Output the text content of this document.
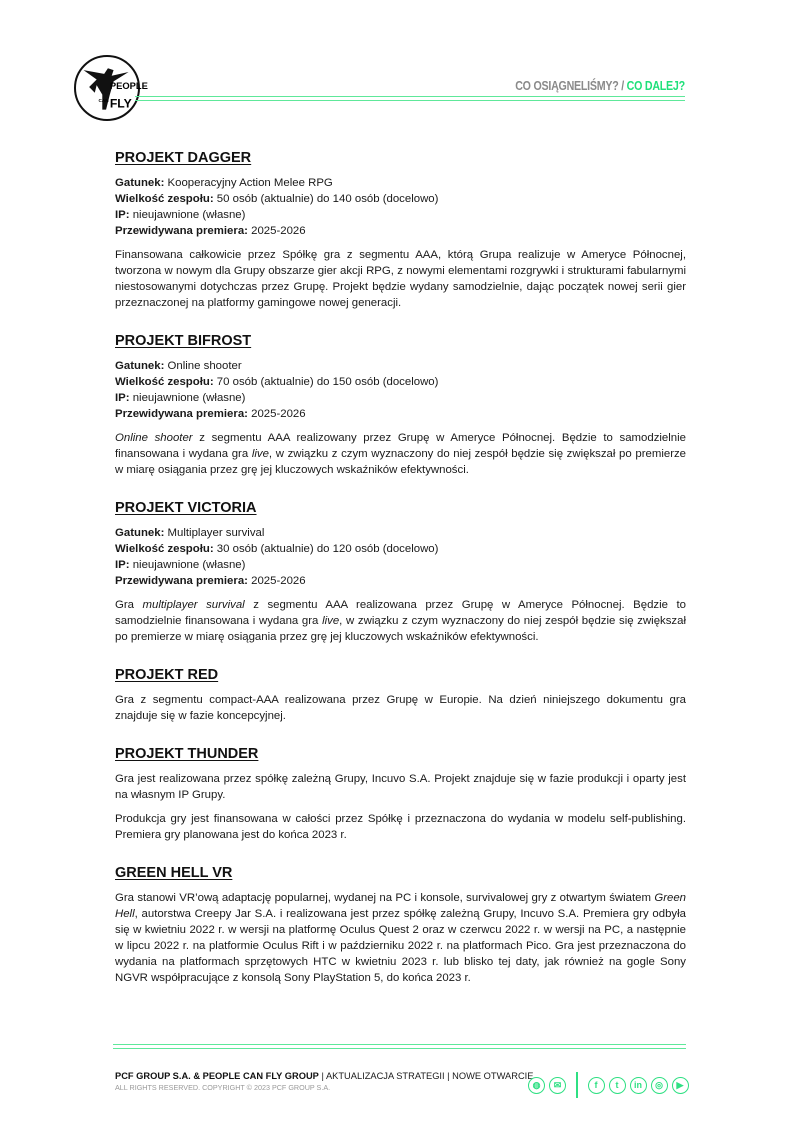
PEOPLE
FLY
CAN
CO OSIĄGNELIŚMY? / CO DALEJ?
PROJEKT DAGGER
Gatunek: Kooperacyjny Action Melee RPG
Wielkość zespołu: 50 osób (aktualnie) do 140 osób (docelowo)
IP: nieujawnione (własne)
Przewidywana premiera: 2025-2026

Finansowana całkowicie przez Spółkę gra z segmentu AAA, którą Grupa realizuje w Ameryce Północnej, tworzona w nowym dla Grupy obszarze gier akcji RPG, z nowymi elementami rozgrywki i strukturami fabularnymi niestosowanymi dotychczas przez Grupę. Projekt będzie wydany samodzielnie, dając początek nowej serii gier przeznaczonej na platformy gamingowe nowej generacji.

PROJEKT BIFROST
Gatunek: Online shooter
Wielkość zespołu: 70 osób (aktualnie) do 150 osób (docelowo)
IP: nieujawnione (własne)
Przewidywana premiera: 2025-2026

Online shooter z segmentu AAA realizowany przez Grupę w Ameryce Północnej. Będzie to samodzielnie finansowana i wydana gra live, w związku z czym wyznaczony do niej zespół będzie się zwiększał po premierze w miarę osiągania przez grę jej kluczowych wskaźników efektywności.

PROJEKT VICTORIA
Gatunek: Multiplayer survival
Wielkość zespołu: 30 osób (aktualnie) do 120 osób (docelowo)
IP: nieujawnione (własne)
Przewidywana premiera: 2025-2026

Gra multiplayer survival z segmentu AAA realizowana przez Grupę w Ameryce Północnej. Będzie to samodzielnie finansowana i wydana gra live, w związku z czym wyznaczony do niej zespół będzie się zwiększał po premierze w miarę osiągania przez grę jej kluczowych wskaźników efektywności.

PROJEKT RED

Gra z segmentu compact-AAA realizowana przez Grupę w Europie. Na dzień niniejszego dokumentu gra znajduje się w fazie koncepcyjnej.

PROJEKT THUNDER

Gra jest realizowana przez spółkę zależną Grupy, Incuvo S.A. Projekt znajduje się w fazie produkcji i oparty jest na własnym IP Grupy.

Produkcja gry jest finansowana w całości przez Spółkę i przeznaczona do wydania w modelu self-publishing. Premiera gry planowana jest do końca 2023 r.

GREEN HELL VR

Gra stanowi VR’ową adaptację popularnej, wydanej na PC i konsole, survivalowej gry z otwartym światem Green Hell, autorstwa Creepy Jar S.A. i realizowana jest przez spółkę zależną Grupy, Incuvo S.A. Premiera gry odbyła się w kwietniu 2022 r. w wersji na platformę Oculus Quest 2 oraz w czerwcu 2022 r. w wersji na PC, a następnie w lipcu 2022 r. na platformie Oculus Rift i w październiku 2022 r. na platformach Pico. Gra jest przeznaczona do wydania na platformach sprzętowych HTC w kwietniu 2023 r. lub blisko tej daty, jak również na gogle Sony NGVR współpracujące z konsolą Sony PlayStation 5, do końca 2023 r.

PCF GROUP S.A. & PEOPLE CAN FLY GROUP | AKTUALIZACJA STRATEGII | NOWE OTWARCIE
ALL RIGHTS RESERVED. COPYRIGHT © 2023 PCF GROUP S.A.	◍	✉	f	t	in	◎	▶
